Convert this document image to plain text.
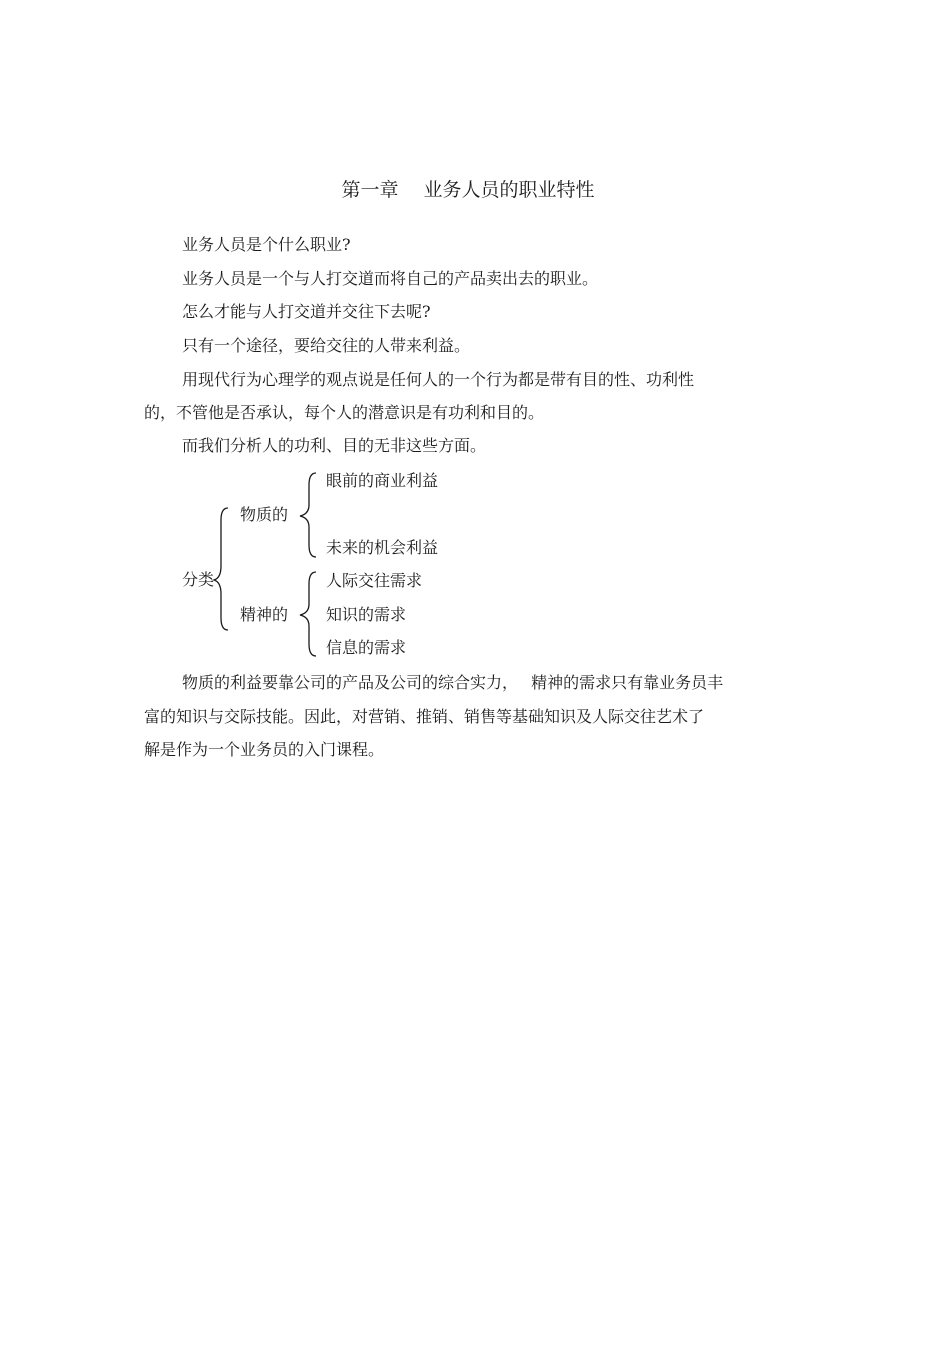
第一章　 业务人员的职业特性
业务人员是个什么职业?
业务人员是一个与人打交道而将自己的产品卖出去的职业。
怎么才能与人打交道并交往下去呢?
只有一个途径，要给交往的人带来利益。
用现代行为心理学的观点说是任何人的一个行为都是带有目的性、功利性
的，不管他是否承认，每个人的潜意识是有功利和目的。
而我们分析人的功利、目的无非这些方面。
分类
物质的
眼前的商业利益
未来的机会利益
精神的
人际交往需求
知识的需求
信息的需求
物质的利益要靠公司的产品及公司的综合实力，　 精神的需求只有靠业务员丰
富的知识与交际技能。因此，对营销、推销、销售等基础知识及人际交往艺术了
解是作为一个业务员的入门课程。
